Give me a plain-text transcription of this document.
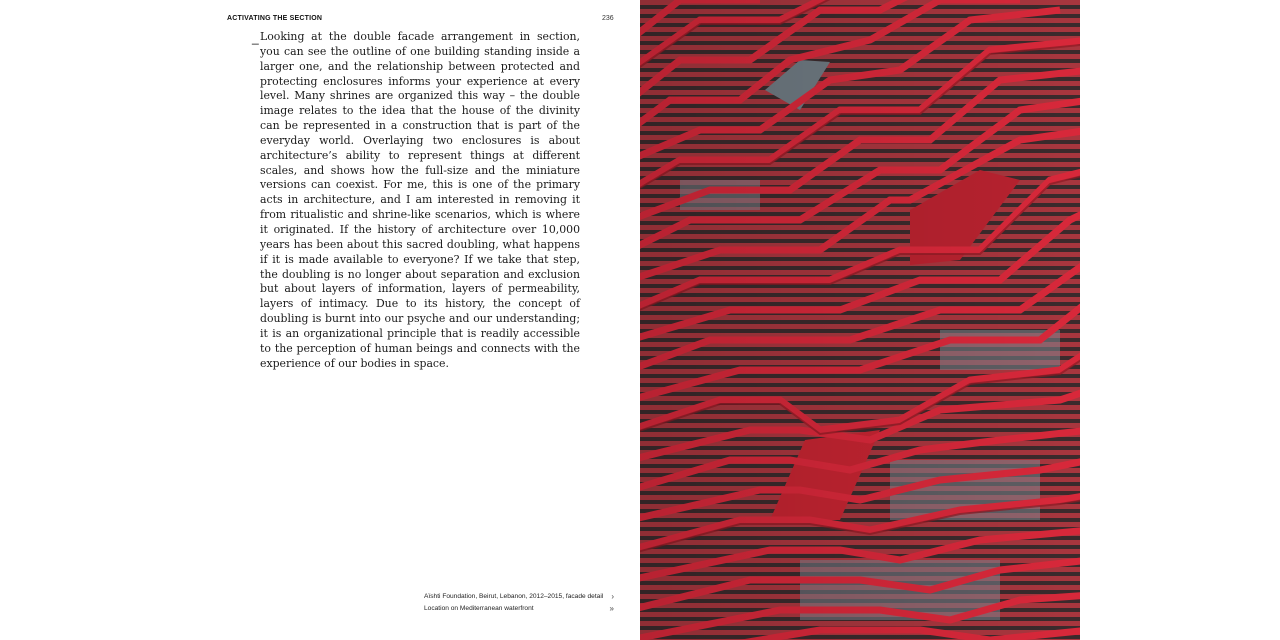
ACTIVATING THE SECTION	236
_ Looking at the double facade arrangement in section, you can see the outline of one building standing inside a larger one, and the relationship between protected and protecting enclosures informs your experience at every level. Many shrines are organized this way – the double image relates to the idea that the house of the divinity can be represented in a construction that is part of the everyday world. Overlaying two enclosures is about architecture’s ability to represent things at different scales, and shows how the full-size and the miniature versions can coexist. For me, this is one of the primary acts in architecture, and I am interested in removing it from ritualistic and shrine-like scenarios, which is where it originated. If the history of architecture over 10,000 years has been about this sacred doubling, what happens if it is made available to everyone? If we take that step, the doubling is no longer about separation and exclusion but about layers of information, layers of permeability, layers of intimacy. Due to its history, the concept of doubling is burnt into our psyche and our understanding; it is an organizational principle that is readily accessible to the perception of human beings and connects with the experience of our bodies in space.

Aïshti Foundation, Beirut, Lebanon, 2012–2015, facade detail ›
Location on Mediterranean waterfront	»
